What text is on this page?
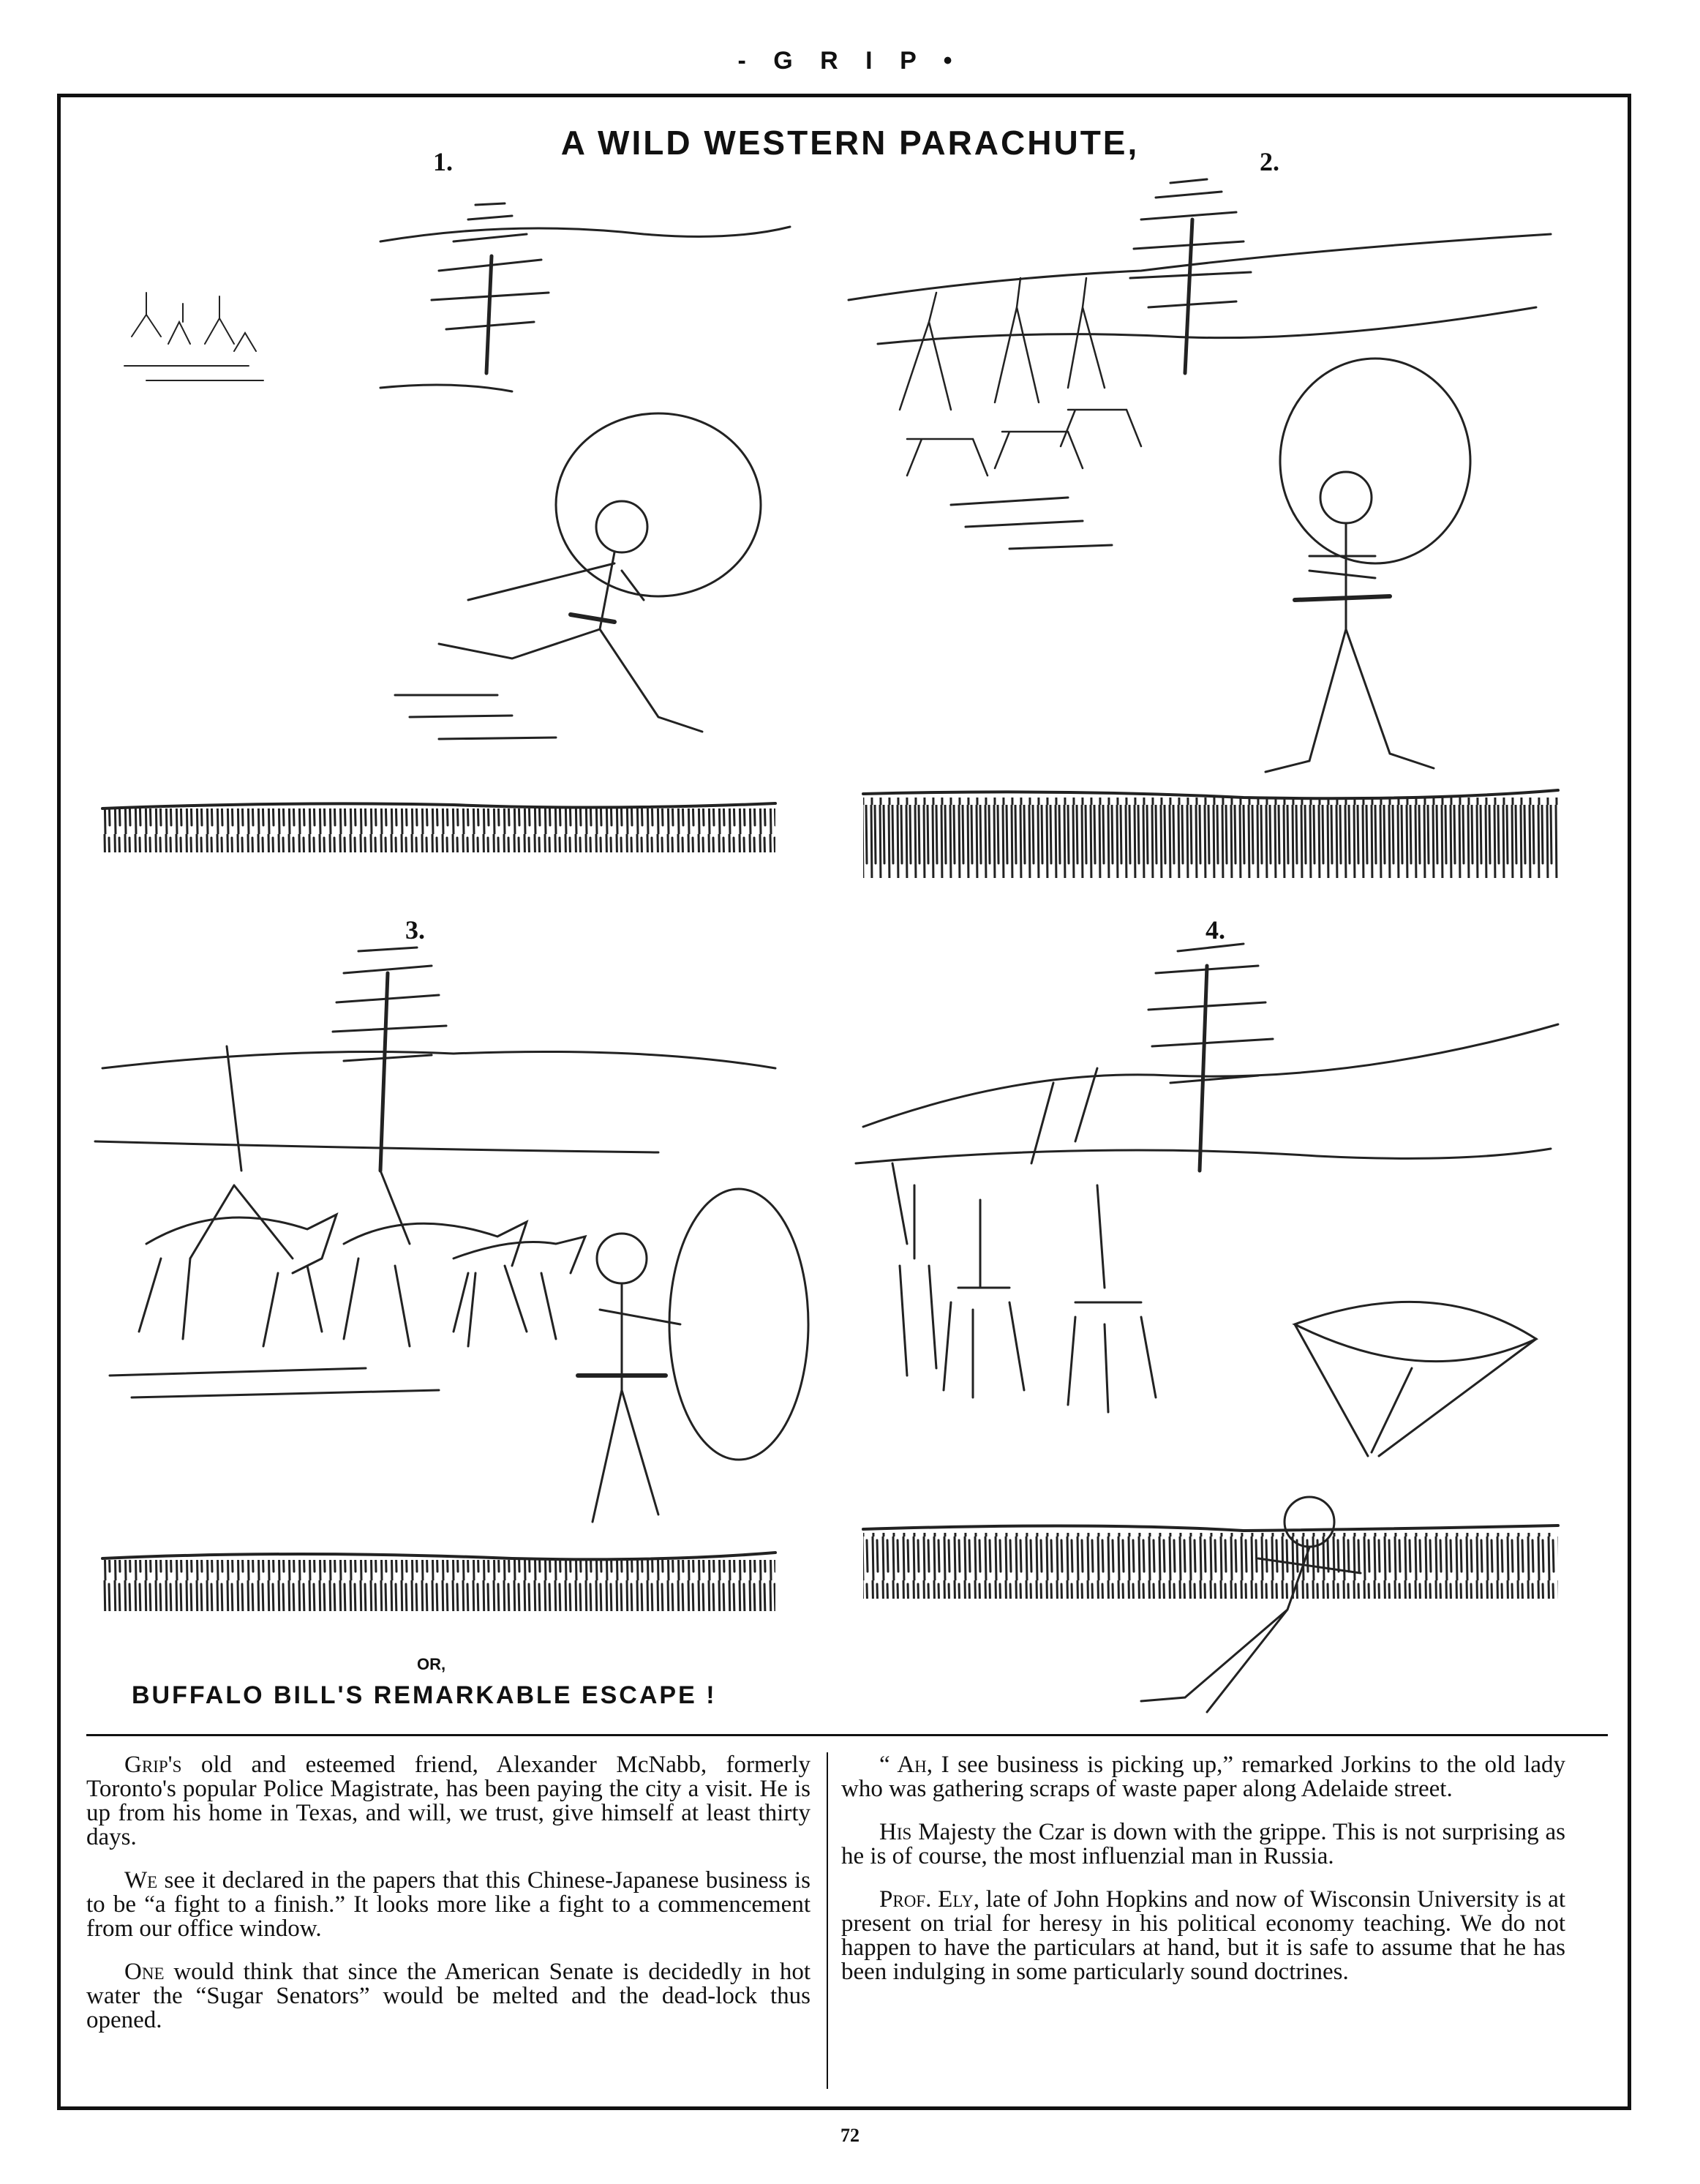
- G R I P •
A WILD WESTERN PARACHUTE,
1.	2.
3.	4.
OR,
BUFFALO BILL'S REMARKABLE ESCAPE !

Grip's old and esteemed friend, Alexander McNabb, formerly Toronto's popular Police Magistrate, has been paying the city a visit. He is up from his home in Texas, and will, we trust, give himself at least thirty days.

We see it declared in the papers that this Chinese-Japanese business is to be “a fight to a finish.” It looks more like a fight to a commencement from our office window.

One would think that since the American Senate is decidedly in hot water the “Sugar Senators” would be melted and the dead-lock thus opened.

“ Ah, I see business is picking up,” remarked Jorkins to the old lady who was gathering scraps of waste paper along Adelaide street.

His Majesty the Czar is down with the grippe. This is not surprising as he is of course, the most influenzial man in Russia.

Prof. Ely, late of John Hopkins and now of Wisconsin University is at present on trial for heresy in his political economy teaching. We do not happen to have the particulars at hand, but it is safe to assume that he has been indulging in some particularly sound doctrines.

72
